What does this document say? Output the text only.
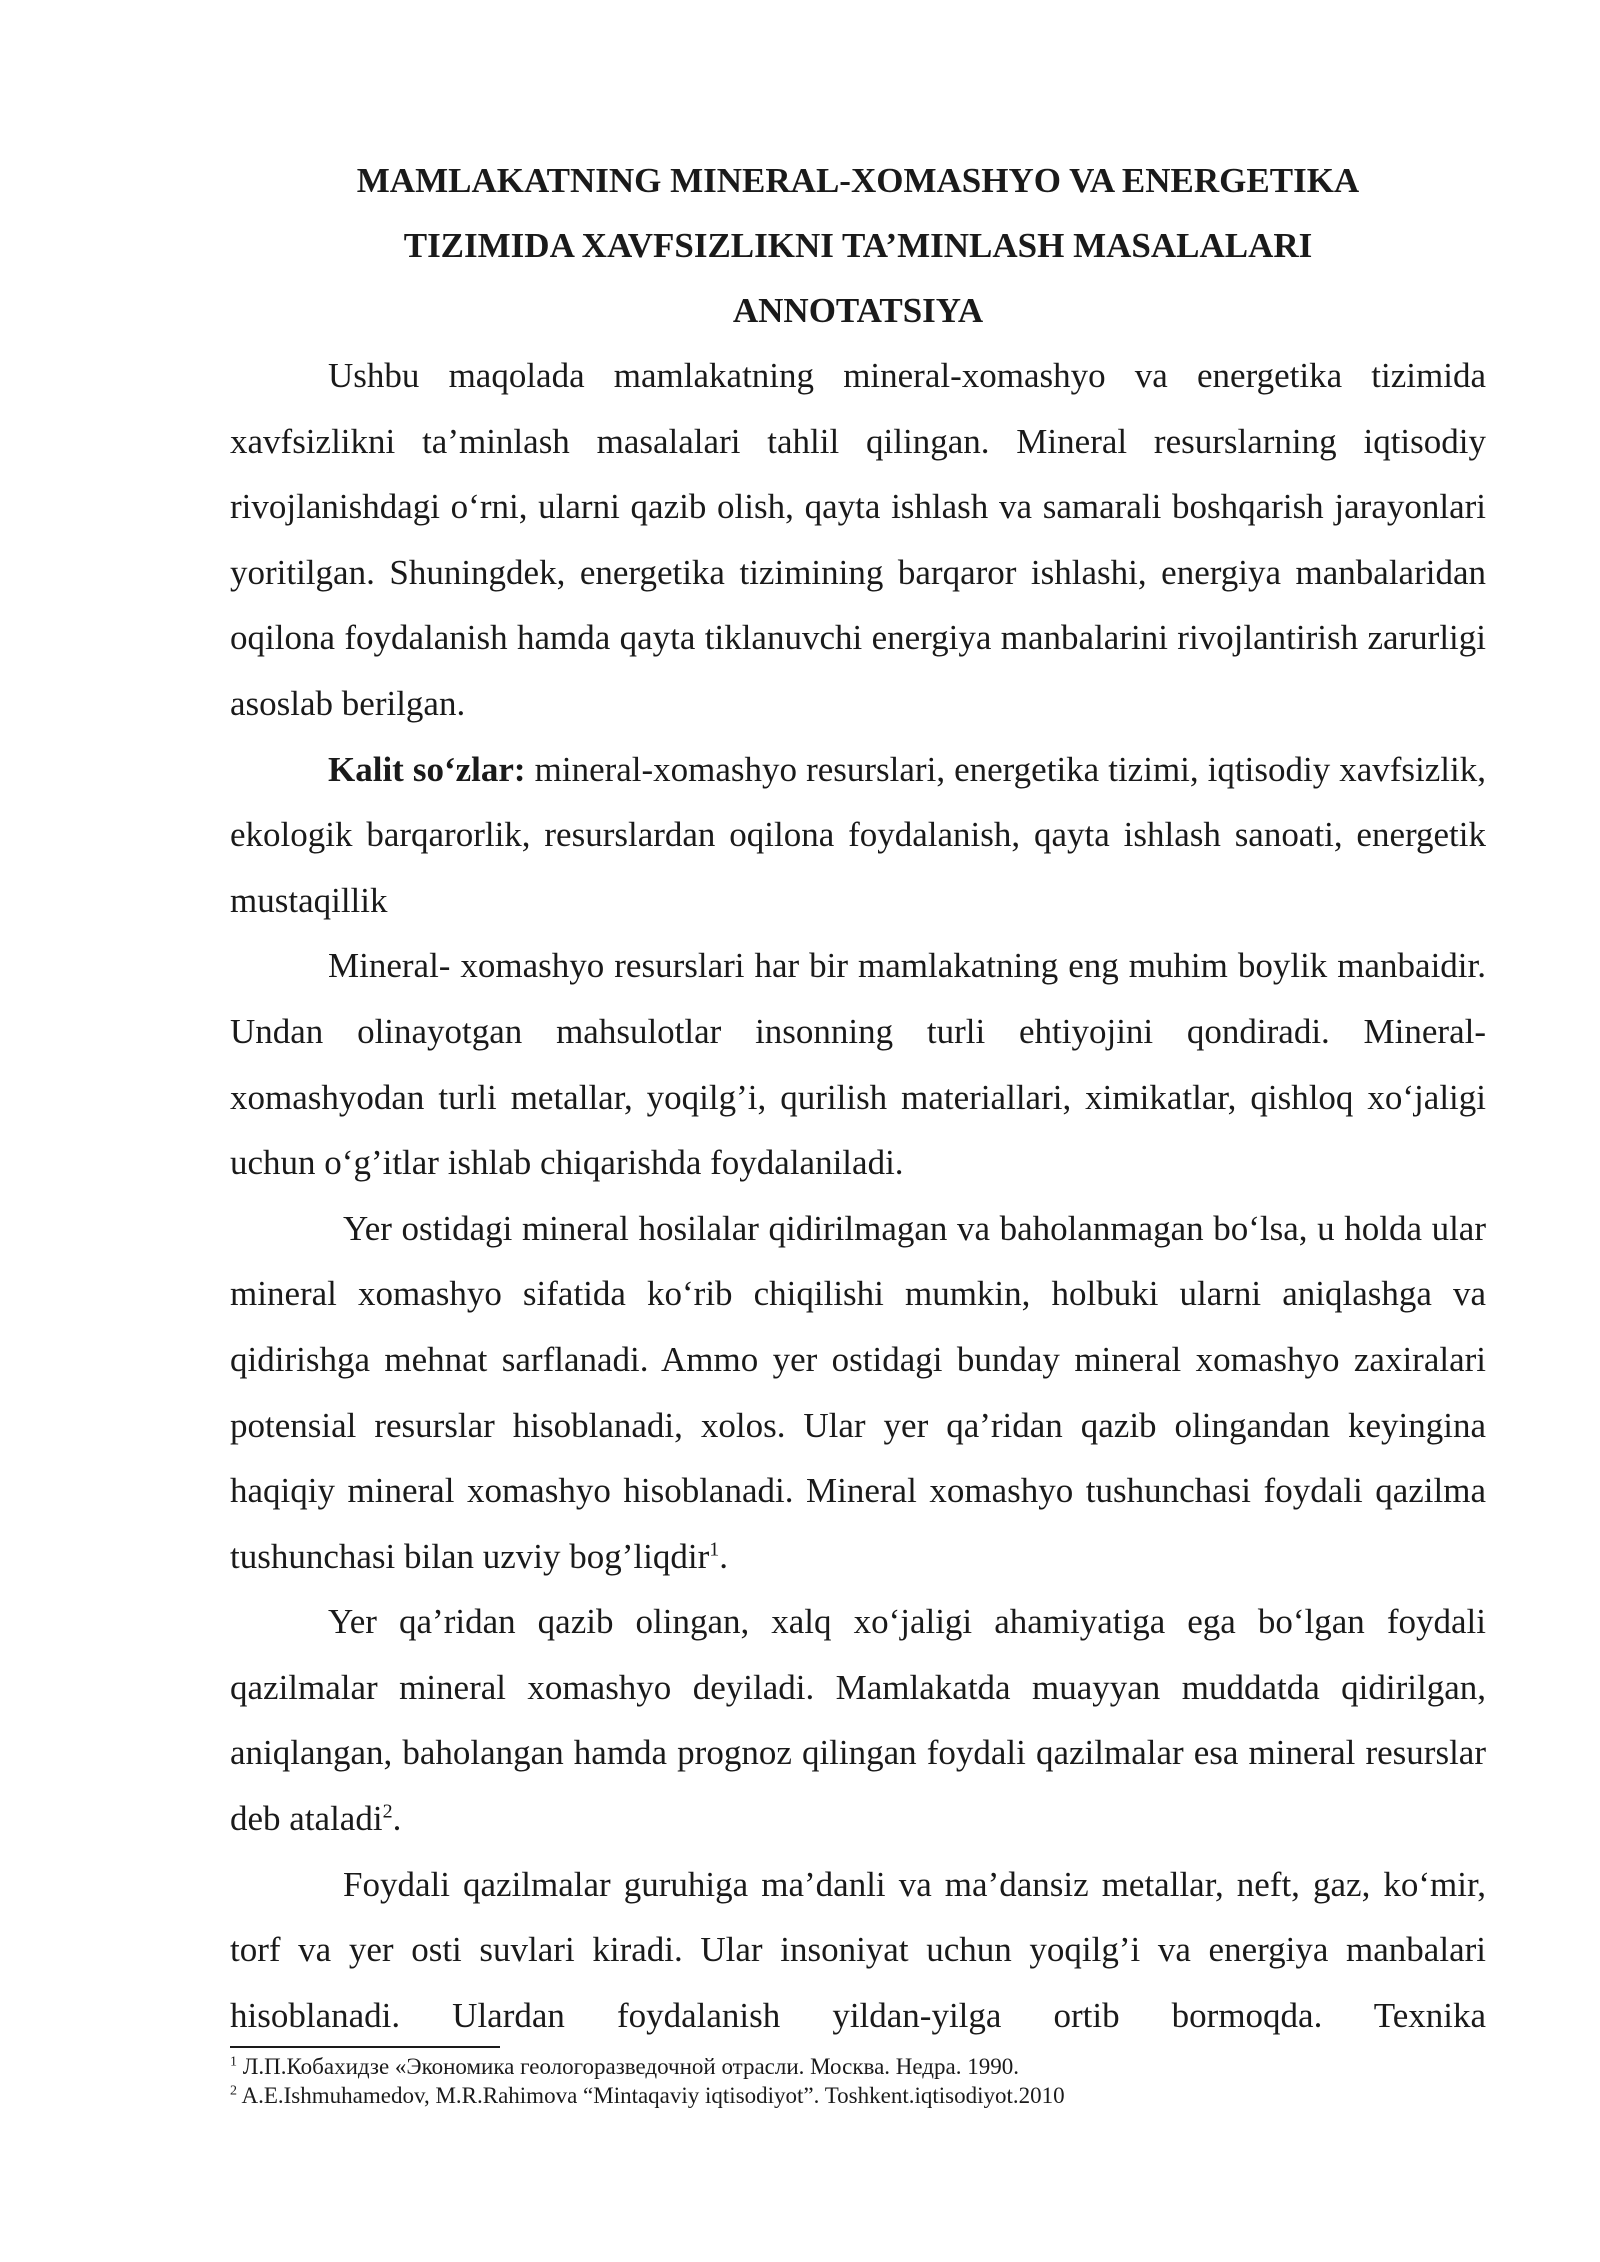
MAMLAKATNING MINERAL-XOMASHYO VA ENERGETIKA

TIZIMIDA XAVFSIZLIKNI TA’MINLASH MASALALARI

ANNOTATSIYA

Ushbu maqolada mamlakatning mineral-xomashyo va energetika tizimida xavfsizlikni ta’minlash masalalari tahlil qilingan. Mineral resurslarning iqtisodiy rivojlanishdagi o‘rni, ularni qazib olish, qayta ishlash va samarali boshqarish jarayonlari yoritilgan. Shuningdek, energetika tizimining barqaror ishlashi, energiya manbalaridan oqilona foydalanish hamda qayta tiklanuvchi energiya manbalarini rivojlantirish zarurligi asoslab berilgan.

Kalit so‘zlar: mineral-xomashyo resurslari, energetika tizimi, iqtisodiy xavfsizlik, ekologik barqarorlik, resurslardan oqilona foydalanish, qayta ishlash sanoati, energetik mustaqillik

Mineral- xomashyo resurslari har bir mamlakatning eng muhim boylik manbaidir. Undan olinayotgan mahsulotlar insonning turli ehtiyojini qondiradi. Mineral-xomashyodan turli metallar, yoqilg’i, qurilish materiallari, ximikatlar, qishloq xo‘jaligi uchun o‘g’itlar ishlab chiqarishda foydalaniladi.

Yer ostidagi mineral hosilalar qidirilmagan va baholanmagan bo‘lsa, u holda ular mineral xomashyo sifatida ko‘rib chiqilishi mumkin, holbuki ularni aniqlashga va qidirishga mehnat sarflanadi. Ammo yer ostidagi bunday mineral xomashyo zaxiralari potensial resurslar hisoblanadi, xolos. Ular yer qa’ridan qazib olingandan keyingina haqiqiy mineral xomashyo hisoblanadi. Mineral xomashyo tushunchasi foydali qazilma tushunchasi bilan uzviy bog’liqdir$^1$.

Yer qa’ridan qazib olingan, xalq xo‘jaligi ahamiyatiga ega bo‘lgan foydali qazilmalar mineral xomashyo deyiladi. Mamlakatda muayyan muddatda qidirilgan, aniqlangan, baholangan hamda prognoz qilingan foydali qazilmalar esa mineral resurslar deb ataladi$^2$.

Foydali qazilmalar guruhiga ma’danli va ma’dansiz metallar, neft, gaz, ko‘mir, torf va yer osti suvlari kiradi. Ular insoniyat uchun yoqilg’i va energiya manbalari hisoblanadi. Ulardan foydalanish yildan-yilga ortib bormoqda. Texnika

$^1$ Л.П.Кобахидзе «Экономика геологоразведочной отрасли. Москва. Недра. 1990.

$^2$ A.E.Ishmuhamedov, M.R.Rahimova “Mintaqaviy iqtisodiyot”. Toshkent.iqtisodiyot.2010
